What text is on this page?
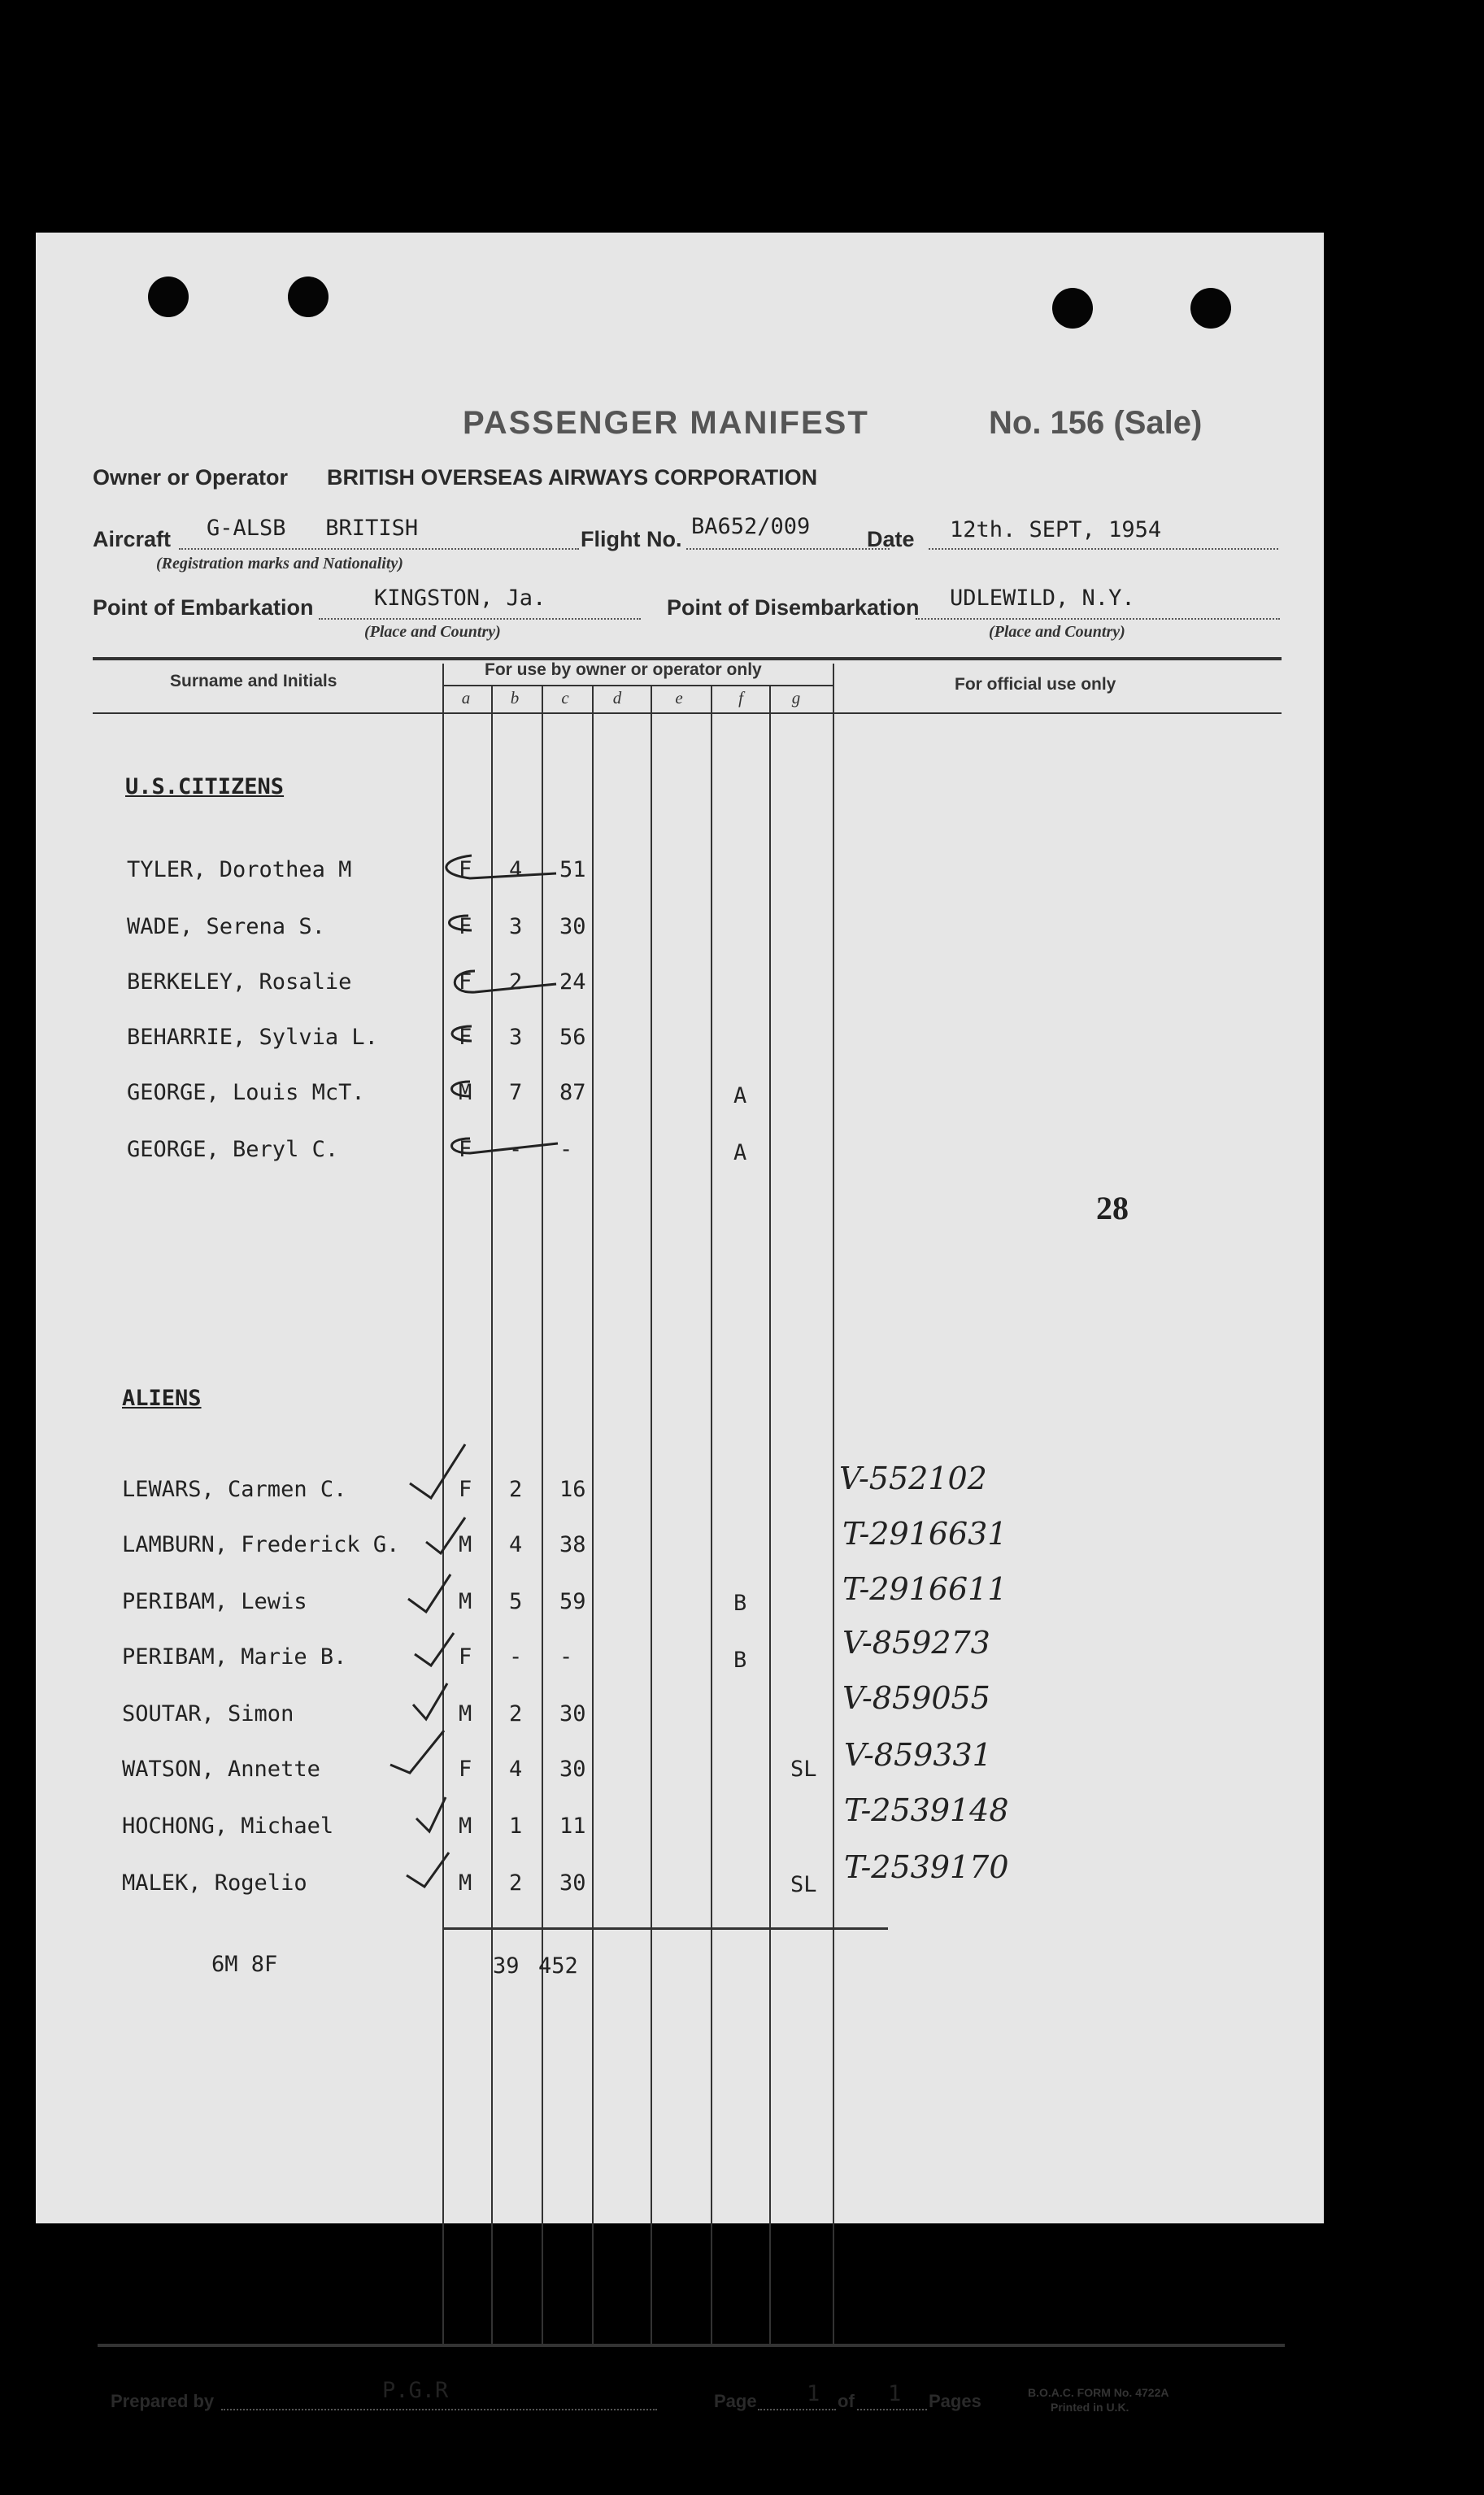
PASSENGER MANIFEST	No. 156 (Sale)
Owner or Operator BRITISH OVERSEAS AIRWAYS CORPORATION
Aircraft G-ALSB   BRITISH
(Registration marks and Nationality)
Flight No. BA652/009	Date 12th. SEPT, 1954
Point of Embarkation	KINGSTON, Ja.
(Place and Country)
Point of Disembarkation UDLEWILD, N.Y.
(Place and Country)
Surname and Initials
For use by owner or operator only
For official use only
a	b	c	d	e	f	g
U.S.CITIZENS
TYLER, Dorothea M	F 4 51
WADE, Serena S.	F 3 30
BERKELEY, Rosalie	F 2 24
BEHARRIE, Sylvia L.	F 3 56
GEORGE, Louis McT.	M 7 87	A
GEORGE, Beryl C.	F - -	A
28
ALIENS
LEWARS, Carmen C.	F 2 16	V-552102
LAMBURN, Frederick G.	M 4 38	T-2916631
PERIBAM, Lewis	M 5 59	B	T-2916611
PERIBAM, Marie B.	F - -	B	V-859273
SOUTAR, Simon	M 2 30	V-859055
WATSON, Annette	F 4 30	SL V-859331
HOCHONG, Michael	M 1 11	T-2539148
MALEK, Rogelio	M 2 30	SL T-2539170
6M 8F	39 452
Prepared by	P.G.R	Page 1 of 1 Pages	B.O.A.C. FORM No. 4722A
Printed in U.K.
